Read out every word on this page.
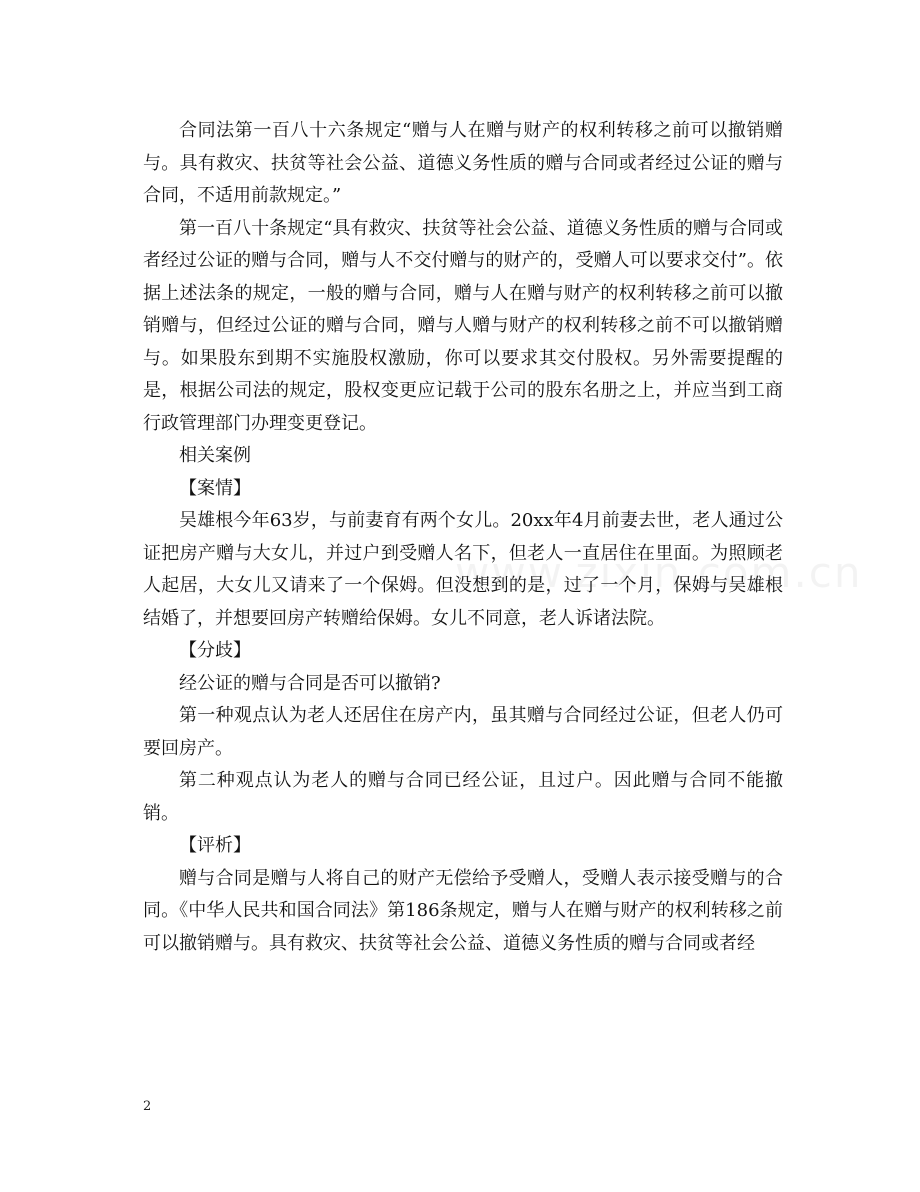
合同法第一百八十六条规定“赠与人在赠与财产的权利转移之前可以撤销赠与。具有救灾、扶贫等社会公益、道德义务性质的赠与合同或者经过公证的赠与合同，不适用前款规定。”

第一百八十条规定“具有救灾、扶贫等社会公益、道德义务性质的赠与合同或者经过公证的赠与合同，赠与人不交付赠与的财产的，受赠人可以要求交付”。依据上述法条的规定，一般的赠与合同，赠与人在赠与财产的权利转移之前可以撤销赠与，但经过公证的赠与合同，赠与人赠与财产的权利转移之前不可以撤销赠与。如果股东到期不实施股权激励，你可以要求其交付股权。另外需要提醒的是，根据公司法的规定，股权变更应记载于公司的股东名册之上，并应当到工商行政管理部门办理变更登记。

相关案例

【案情】

吴雄根今年63岁，与前妻育有两个女儿。20xx年4月前妻去世，老人通过公证把房产赠与大女儿，并过户到受赠人名下，但老人一直居住在里面。为照顾老人起居，大女儿又请来了一个保姆。但没想到的是，过了一个月，保姆与吴雄根结婚了，并想要回房产转赠给保姆。女儿不同意，老人诉诸法院。

【分歧】

经公证的赠与合同是否可以撤销?

第一种观点认为老人还居住在房产内，虽其赠与合同经过公证，但老人仍可要回房产。

第二种观点认为老人的赠与合同已经公证，且过户。因此赠与合同不能撤销。

【评析】

赠与合同是赠与人将自己的财产无偿给予受赠人，受赠人表示接受赠与的合同。《中华人民共和国合同法》第186条规定，赠与人在赠与财产的权利转移之前可以撤销赠与。具有救灾、扶贫等社会公益、道德义务性质的赠与合同或者经

2
